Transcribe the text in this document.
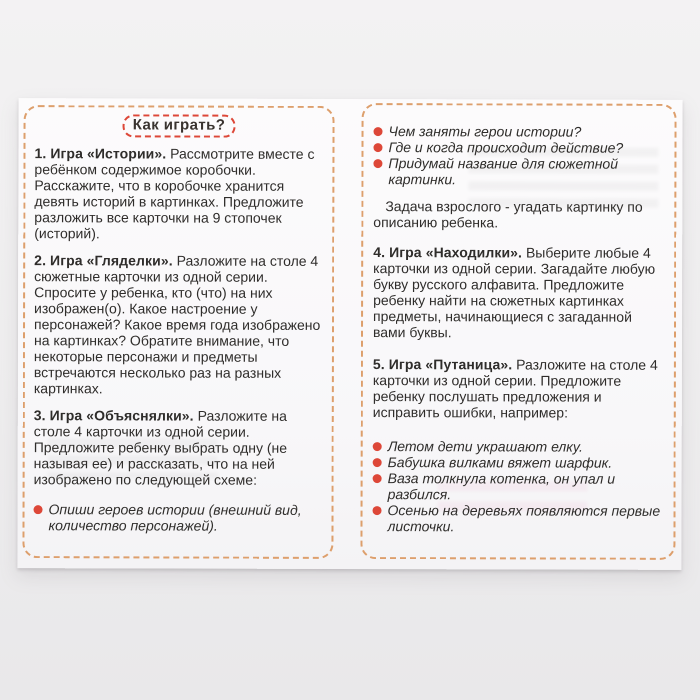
Как играть?

1. Игра «Истории». Рассмотрите вместе с ребёнком содержимое коробочки. Расскажите, что в коробочке хранится девять историй в картинках. Предложите разложить все карточки на 9 стопочек (историй).

2. Игра «Гляделки». Разложите на столе 4 сюжетные карточки из одной серии. Спросите у ребенка, кто (что) на них изображен(о). Какое настроение у персонажей? Какое время года изображено на картинках? Обратите внимание, что некоторые персонажи и предметы встречаются несколько раз на разных картинках.

3. Игра «Объяснялки». Разложите на столе 4 карточки из одной серии. Предложите ребенку выбрать одну (не называя ее) и рассказать, что на ней изображено по следующей схеме:

Опиши героев истории (внешний вид, количество персонажей).
Чем заняты герои истории?
Где и когда происходит действие?
Придумай название для сюжетной картинки.

Задача взрослого - угадать картинку по описанию ребенка.

4. Игра «Находилки». Выберите любые 4 карточки из одной серии. Загадайте любую букву русского алфавита. Предложите ребенку найти на сюжетных картинках предметы, начинающиеся с загаданной вами буквы.

5. Игра «Путаница». Разложите на столе 4 карточки из одной серии. Предложите ребенку послушать предложения и исправить ошибки, например:

Летом дети украшают елку.
Бабушка вилками вяжет шарфик.
Ваза толкнула котенка, он упал и разбился.
Осенью на деревьях появляются первые листочки.
